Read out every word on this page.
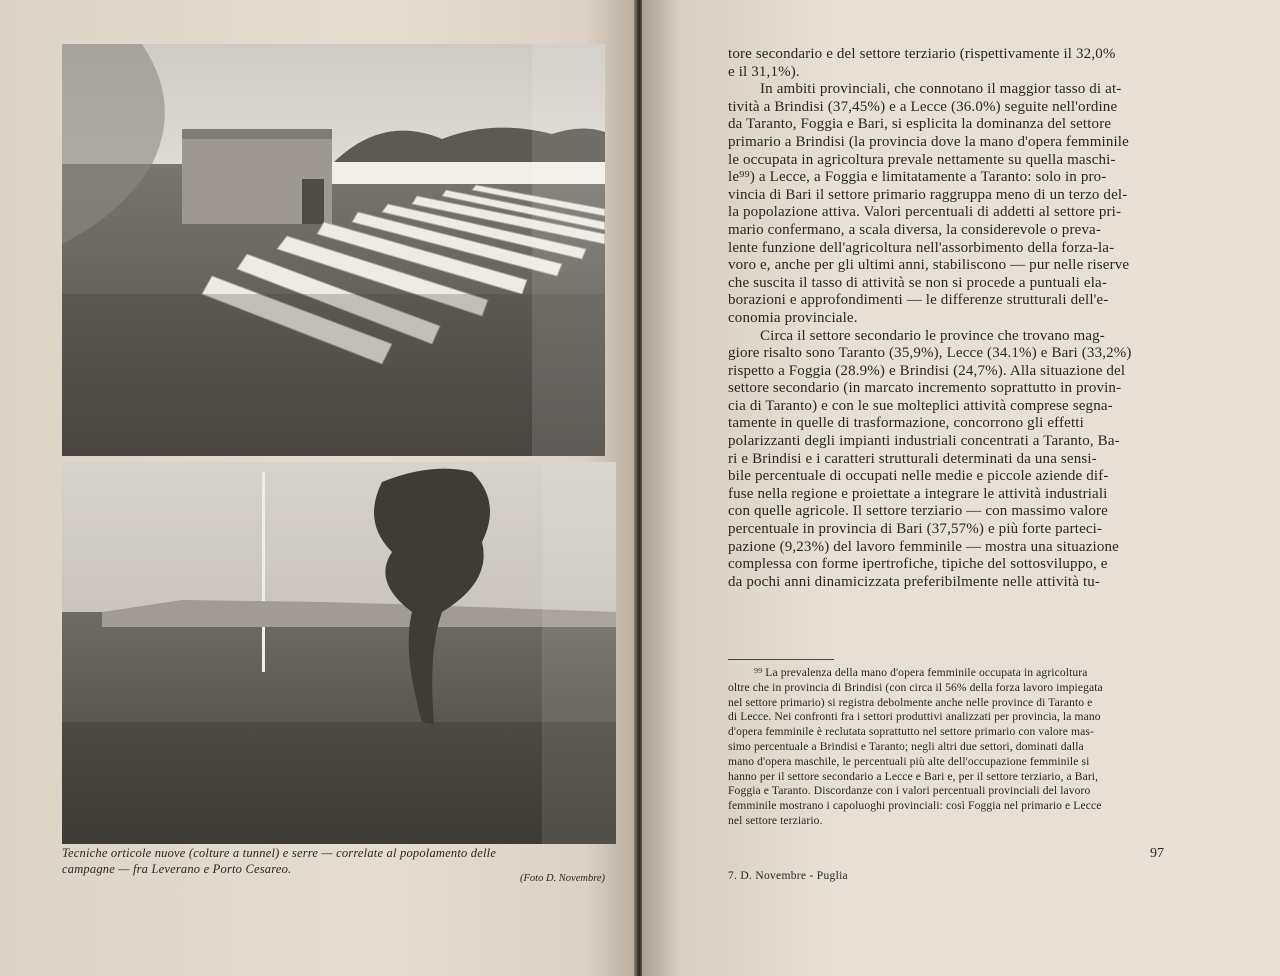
Tecniche orticole nuove (colture a tunnel) e serre — correlate al popolamento delle
campagne — fra Leverano e Porto Cesareo.
(Foto D. Novembre)
tore secondario e del settore terziario (rispettivamente il 32,0%
e il 31,1%).
In ambiti provinciali, che connotano il maggior tasso di at-
tività a Brindisi (37,45%) e a Lecce (36.0%) seguite nell'ordine
da Taranto, Foggia e Bari, si esplicita la dominanza del settore
primario a Brindisi (la provincia dove la mano d'opera femminile
le occupata in agricoltura prevale nettamente su quella maschi-
le⁹⁹) a Lecce, a Foggia e limitatamente a Taranto: solo in pro-
vincia di Bari il settore primario raggruppa meno di un terzo del-
la popolazione attiva. Valori percentuali di addetti al settore pri-
mario confermano, a scala diversa, la considerevole o preva-
lente funzione dell'agricoltura nell'assorbimento della forza-la-
voro e, anche per gli ultimi anni, stabiliscono — pur nelle riserve
che suscita il tasso di attività se non si procede a puntuali ela-
borazioni e approfondimenti — le differenze strutturali dell'e-
conomia provinciale.
Circa il settore secondario le province che trovano mag-
giore risalto sono Taranto (35,9%), Lecce (34.1%) e Bari (33,2%)
rispetto a Foggia (28.9%) e Brindisi (24,7%). Alla situazione del
settore secondario (in marcato incremento soprattutto in provin-
cia di Taranto) e con le sue molteplici attività comprese segna-
tamente in quelle di trasformazione, concorrono gli effetti
polarizzanti degli impianti industriali concentrati a Taranto, Ba-
ri e Brindisi e i caratteri strutturali determinati da una sensi-
bile percentuale di occupati nelle medie e piccole aziende dif-
fuse nella regione e proiettate a integrare le attività industriali
con quelle agricole. Il settore terziario — con massimo valore
percentuale in provincia di Bari (37,57%) e più forte parteci-
pazione (9,23%) del lavoro femminile — mostra una situazione
complessa con forme ipertrofiche, tipiche del sottosviluppo, e
da pochi anni dinamicizzata preferibilmente nelle attività tu-
⁹⁹ La prevalenza della mano d'opera femminile occupata in agricoltura
oltre che in provincia di Brindisi (con circa il 56% della forza lavoro impiegata
nel settore primario) si registra debolmente anche nelle province di Taranto e
di Lecce. Nei confronti fra i settori produttivi analizzati per provincia, la mano
d'opera femminile è reclutata soprattutto nel settore primario con valore mas-
simo percentuale a Brindisi e Taranto; negli altri due settori, dominati dalla
mano d'opera maschile, le percentuali più alte dell'occupazione femminile si
hanno per il settore secondario a Lecce e Bari e, per il settore terziario, a Bari,
Foggia e Taranto. Discordanze con i valori percentuali provinciali del lavoro
femminile mostrano i capoluoghi provinciali: così Foggia nel primario e Lecce
nel settore terziario.
97
7. D. Novembre - Puglia
